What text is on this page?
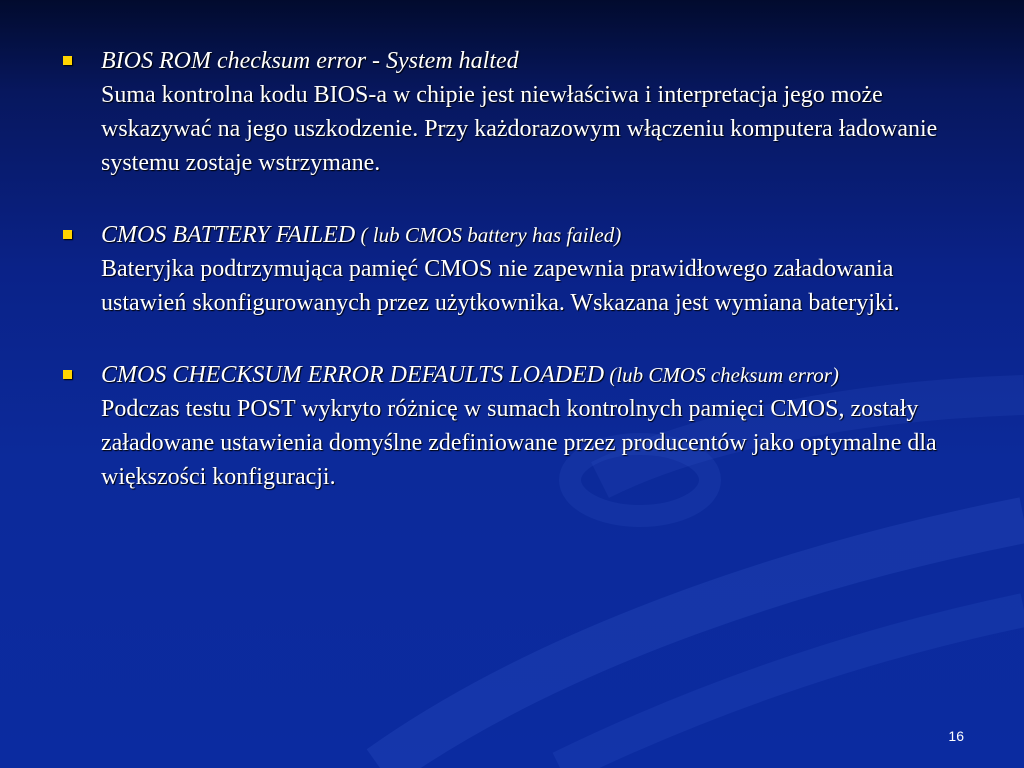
BIOS ROM checksum error - System halted

Suma kontrolna kodu BIOS-a w chipie jest niewłaściwa i interpretacja jego może wskazywać na jego uszkodzenie. Przy każdorazowym włączeniu komputera ładowanie systemu zostaje wstrzymane.

CMOS BATTERY FAILED ( lub CMOS battery has failed)

Bateryjka podtrzymująca pamięć CMOS nie zapewnia prawidłowego załadowania ustawień skonfigurowanych przez użytkownika. Wskazana jest wymiana bateryjki.

CMOS CHECKSUM ERROR DEFAULTS LOADED (lub CMOS cheksum error)

Podczas testu POST wykryto różnicę w sumach kontrolnych pamięci CMOS, zostały załadowane ustawienia domyślne zdefiniowane przez producentów jako optymalne dla większości konfiguracji.

16
